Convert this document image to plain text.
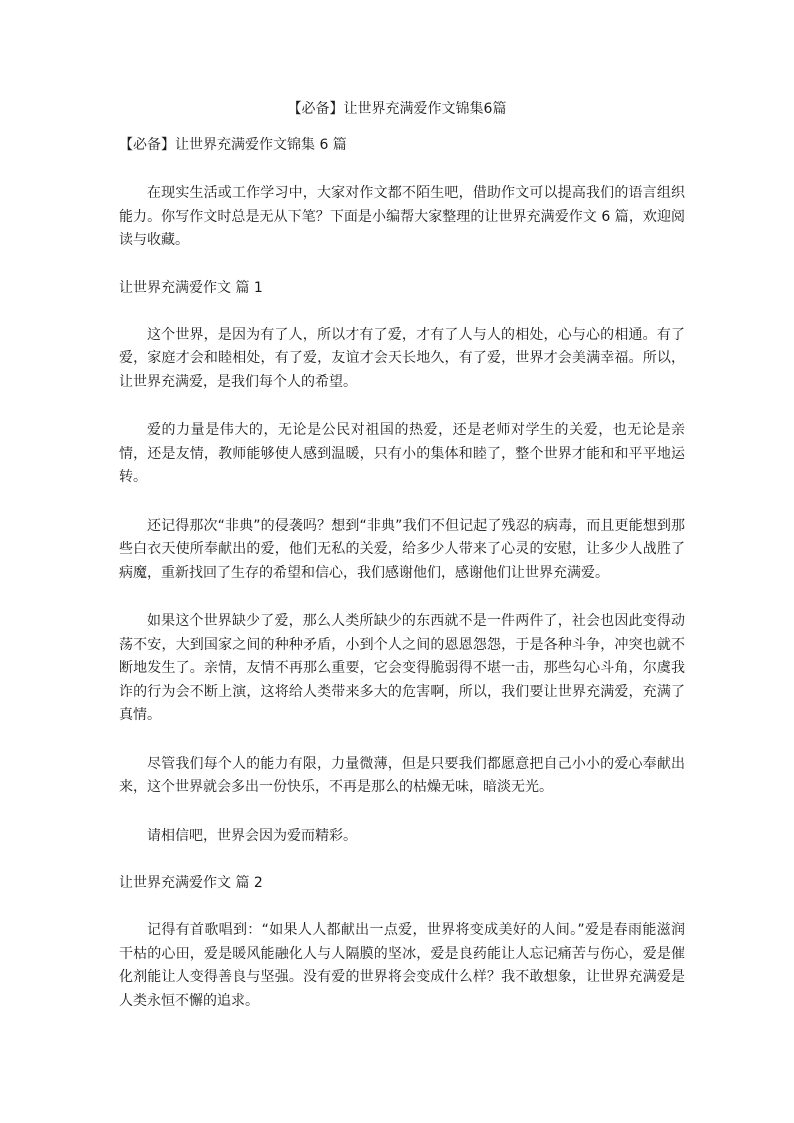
【必备】让世界充满爱作文锦集6篇

【必备】让世界充满爱作文锦集 6 篇

在现实生活或工作学习中，大家对作文都不陌生吧，借助作文可以提高我们的语言组织能力。你写作文时总是无从下笔？下面是小编帮大家整理的让世界充满爱作文 6 篇，欢迎阅读与收藏。

让世界充满爱作文 篇 1

这个世界，是因为有了人，所以才有了爱，才有了人与人的相处，心与心的相通。有了爱，家庭才会和睦相处，有了爱，友谊才会天长地久，有了爱，世界才会美满幸福。所以，让世界充满爱，是我们每个人的希望。

爱的力量是伟大的，无论是公民对祖国的热爱，还是老师对学生的关爱，也无论是亲情，还是友情，教师能够使人感到温暖，只有小的集体和睦了，整个世界才能和和平平地运转。

还记得那次“非典”的侵袭吗？想到“非典”我们不但记起了残忍的病毒，而且更能想到那些白衣天使所奉献出的爱，他们无私的关爱，给多少人带来了心灵的安慰，让多少人战胜了病魔，重新找回了生存的希望和信心，我们感谢他们，感谢他们让世界充满爱。

如果这个世界缺少了爱，那么人类所缺少的东西就不是一件两件了，社会也因此变得动荡不安，大到国家之间的种种矛盾，小到个人之间的恩恩怨怨，于是各种斗争，冲突也就不断地发生了。亲情，友情不再那么重要，它会变得脆弱得不堪一击，那些勾心斗角，尔虞我诈的行为会不断上演，这将给人类带来多大的危害啊，所以，我们要让世界充满爱，充满了真情。

尽管我们每个人的能力有限，力量微薄，但是只要我们都愿意把自己小小的爱心奉献出来，这个世界就会多出一份快乐，不再是那么的枯燥无味，暗淡无光。

请相信吧，世界会因为爱而精彩。

让世界充满爱作文 篇 2

记得有首歌唱到：“如果人人都献出一点爱，世界将变成美好的人间。”爱是春雨能滋润干枯的心田，爱是暖风能融化人与人隔膜的坚冰，爱是良药能让人忘记痛苦与伤心，爱是催化剂能让人变得善良与坚强。没有爱的世界将会变成什么样？我不敢想象，让世界充满爱是人类永恒不懈的追求。
